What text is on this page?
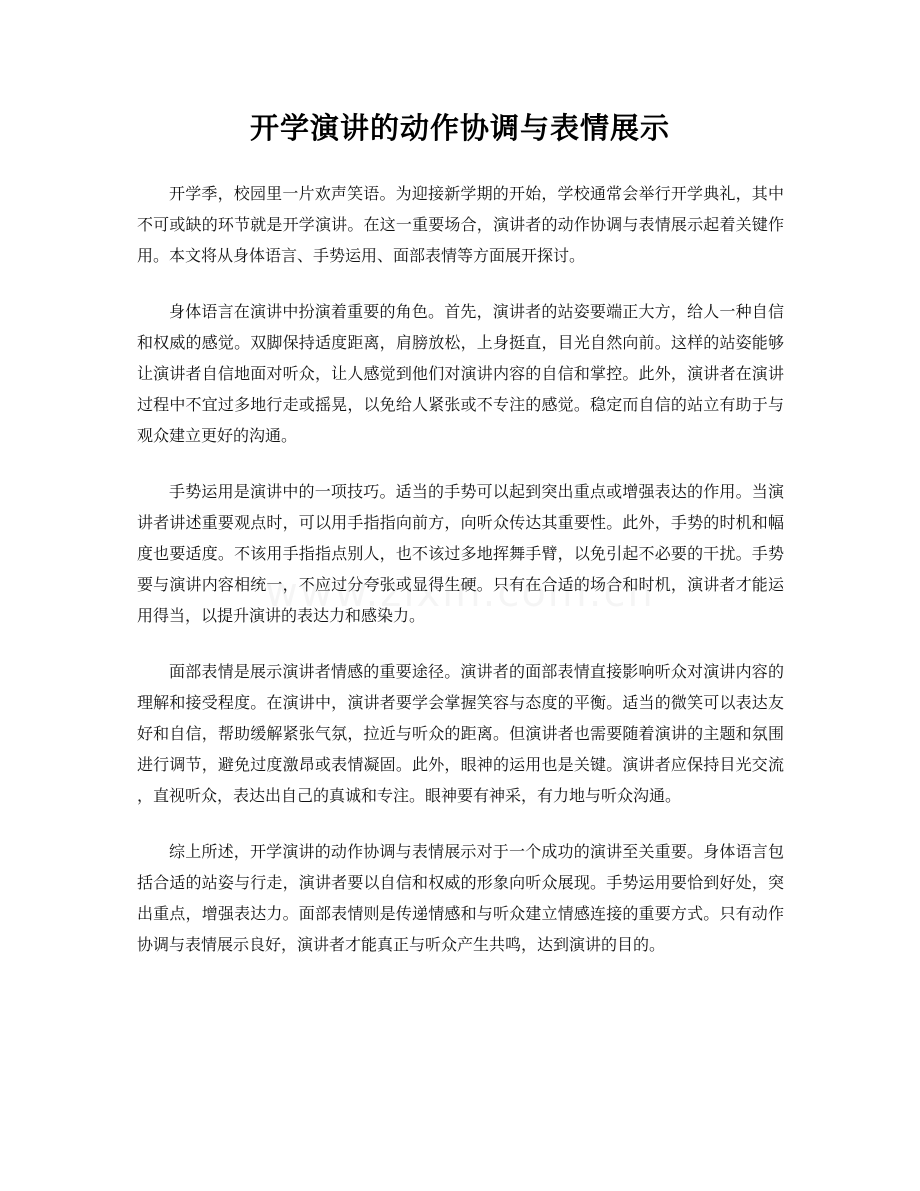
开学演讲的动作协调与表情展示

开学季，校园里一片欢声笑语。为迎接新学期的开始，学校通常会举行开学典礼，其中不可或缺的环节就是开学演讲。在这一重要场合，演讲者的动作协调与表情展示起着关键作用。本文将从身体语言、手势运用、面部表情等方面展开探讨。

身体语言在演讲中扮演着重要的角色。首先，演讲者的站姿要端正大方，给人一种自信和权威的感觉。双脚保持适度距离，肩膀放松，上身挺直，目光自然向前。这样的站姿能够让演讲者自信地面对听众，让人感觉到他们对演讲内容的自信和掌控。此外，演讲者在演讲过程中不宜过多地行走或摇晃，以免给人紧张或不专注的感觉。稳定而自信的站立有助于与观众建立更好的沟通。

手势运用是演讲中的一项技巧。适当的手势可以起到突出重点或增强表达的作用。当演讲者讲述重要观点时，可以用手指指向前方，向听众传达其重要性。此外，手势的时机和幅度也要适度。不该用手指指点别人，也不该过多地挥舞手臂，以免引起不必要的干扰。手势要与演讲内容相统一，不应过分夸张或显得生硬。只有在合适的场合和时机，演讲者才能运用得当，以提升演讲的表达力和感染力。

面部表情是展示演讲者情感的重要途径。演讲者的面部表情直接影响听众对演讲内容的理解和接受程度。在演讲中，演讲者要学会掌握笑容与态度的平衡。适当的微笑可以表达友好和自信，帮助缓解紧张气氛，拉近与听众的距离。但演讲者也需要随着演讲的主题和氛围进行调节，避免过度激昂或表情凝固。此外，眼神的运用也是关键。演讲者应保持目光交流，直视听众，表达出自己的真诚和专注。眼神要有神采，有力地与听众沟通。

综上所述，开学演讲的动作协调与表情展示对于一个成功的演讲至关重要。身体语言包括合适的站姿与行走，演讲者要以自信和权威的形象向听众展现。手势运用要恰到好处，突出重点，增强表达力。面部表情则是传递情感和与听众建立情感连接的重要方式。只有动作协调与表情展示良好，演讲者才能真正与听众产生共鸣，达到演讲的目的。
